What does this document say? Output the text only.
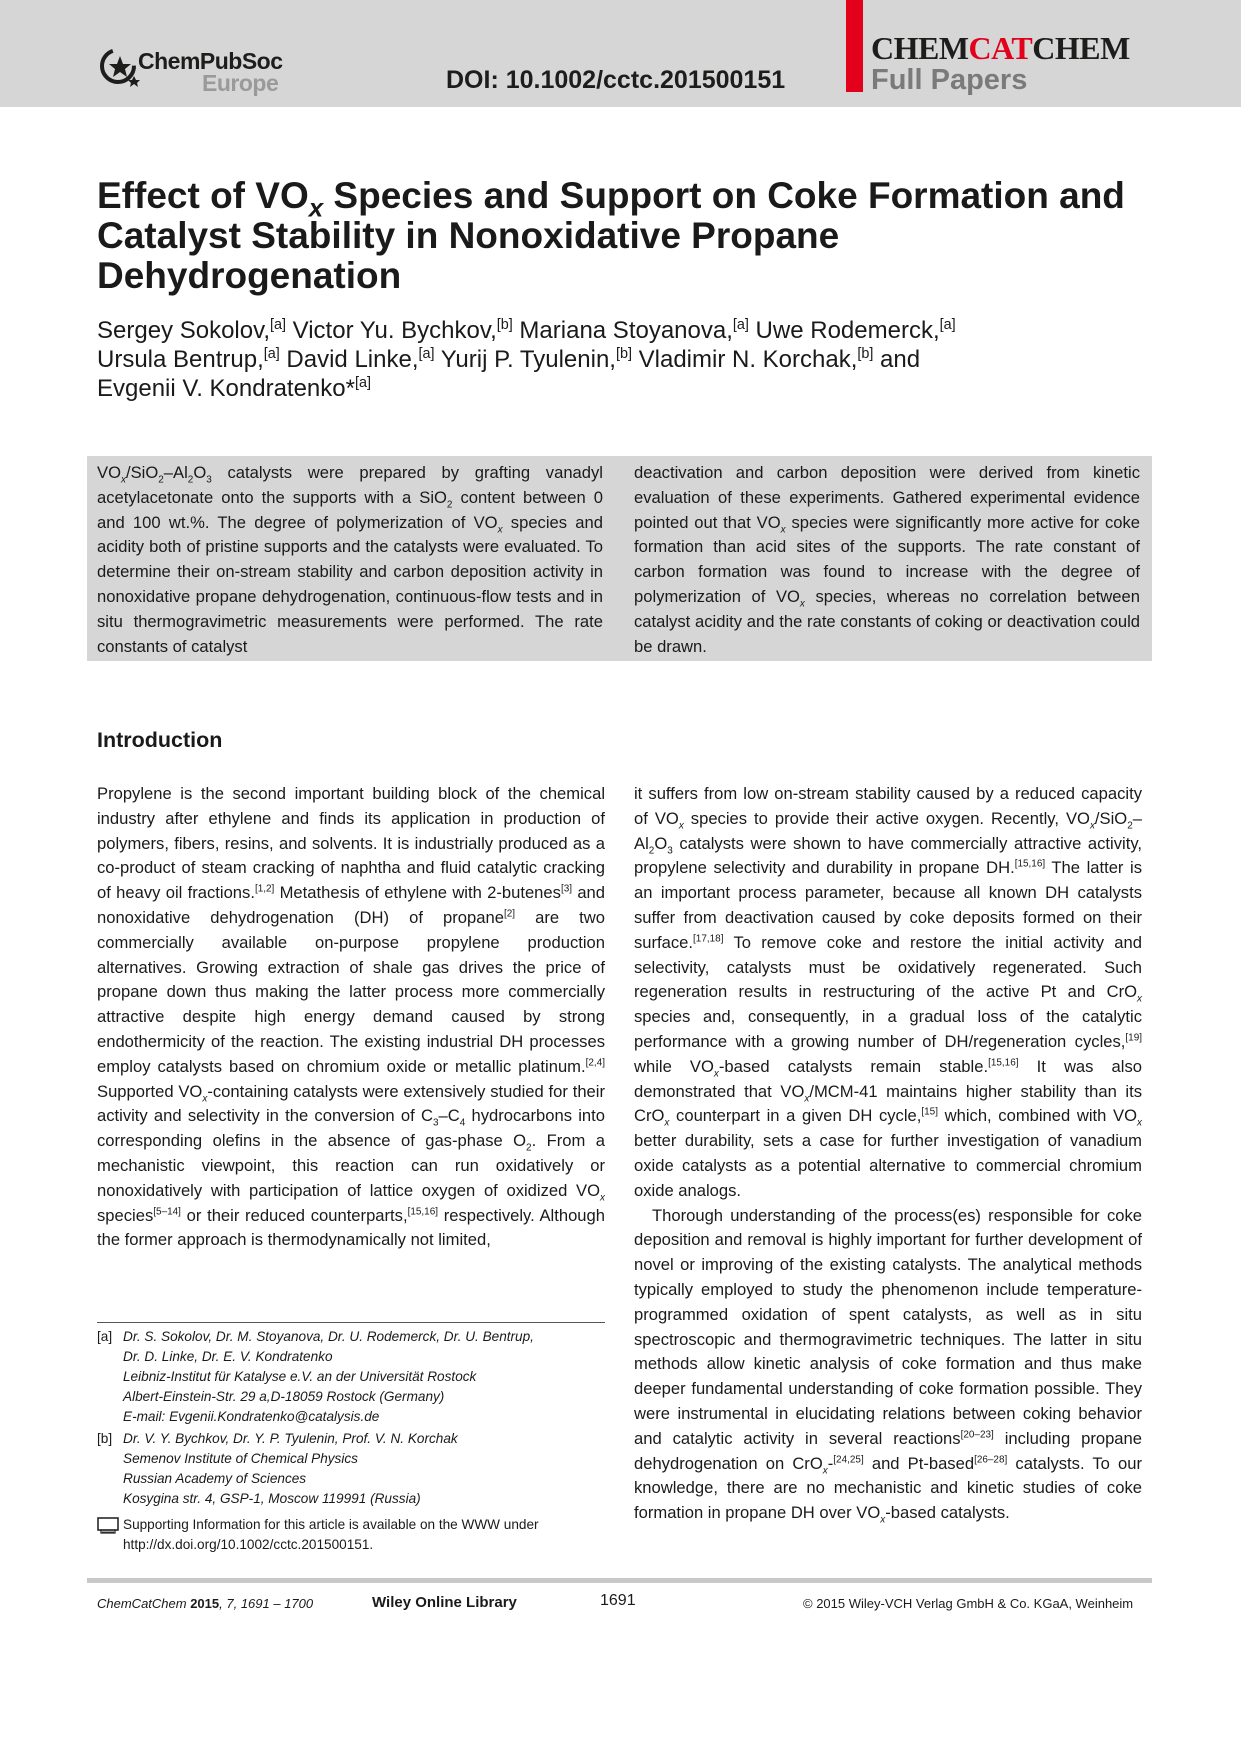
ChemPubSoc
Europe	DOI: 10.1002/cctc.201500151
CHEMCATCHEM
Full Papers
Effect of $VO_x$ Species and Support on Coke Formation and
Catalyst Stability in Nonoxidative Propane
Dehydrogenation

Sergey Sokolov,[a] Victor Yu. Bychkov,[b] Mariana Stoyanova,[a] Uwe Rodemerck,[a]

Ursula Bentrup,[a] David Linke,[a] Yurij P. Tyulenin,[b] Vladimir N. Korchak,[b] and

Evgenii V. Kondratenko*[a]

$VO_x/SiO_2-Al_2O_3$ catalysts were prepared by grafting vanadyl acetylacetonate onto the supports with a SiO$_2$ content between 0 and 100 wt.%. The degree of polymerization of $VO_x$ species and acidity both of pristine supports and the catalysts were evaluated. To determine their on-stream stability and carbon deposition activity in nonoxidative propane dehydrogenation, continuous-flow tests and in situ thermogravimetric measurements were performed. The rate constants of catalyst

deactivation and carbon deposition were derived from kinetic evaluation of these experiments. Gathered experimental evidence pointed out that $VO_x$ species were significantly more active for coke formation than acid sites of the supports. The rate constant of carbon formation was found to increase with the degree of polymerization of $VO_x$ species, whereas no correlation between catalyst acidity and the rate constants of coking or deactivation could be drawn.

Introduction

Propylene is the second important building block of the chemical industry after ethylene and finds its application in production of polymers, fibers, resins, and solvents. It is industrially produced as a co-product of steam cracking of naphtha and fluid catalytic cracking of heavy oil fractions.[1,2] Metathesis of ethylene with 2-butenes[3] and nonoxidative dehydrogenation (DH) of propane[2] are two commercially available on-purpose propylene production alternatives. Growing extraction of shale gas drives the price of propane down thus making the latter process more commercially attractive despite high energy demand caused by strong endothermicity of the reaction. The existing industrial DH processes employ catalysts based on chromium oxide or metallic platinum.[2,4] Supported $VO_x$-containing catalysts were extensively studied for their activity and selectivity in the conversion of $C_3-C_4$ hydrocarbons into corresponding olefins in the absence of gas-phase $O_2$. From a mechanistic viewpoint, this reaction can run oxidatively or nonoxidatively with participation of lattice oxygen of oxidized $VO_x$ species[5–14] or their reduced counterparts,[15,16] respectively. Although the former approach is thermodynamically not limited,

it suffers from low on-stream stability caused by a reduced capacity of $VO_x$ species to provide their active oxygen. Recently, $VO_x/SiO_2-Al_2O_3$ catalysts were shown to have commercially attractive activity, propylene selectivity and durability in propane DH.[15,16] The latter is an important process parameter, because all known DH catalysts suffer from deactivation caused by coke deposits formed on their surface.[17,18] To remove coke and restore the initial activity and selectivity, catalysts must be oxidatively regenerated. Such regeneration results in restructuring of the active Pt and CrO$_x$ species and, consequently, in a gradual loss of the catalytic performance with a growing number of DH/regeneration cycles,[19] while $VO_x$-based catalysts remain stable.[15,16] It was also demonstrated that $VO_x/MCM-41$ maintains higher stability than its CrO$_x$ counterpart in a given DH cycle,[15] which, combined with $VO_x$ better durability, sets a case for further investigation of vanadium oxide catalysts as a potential alternative to commercial chromium oxide analogs.

Thorough understanding of the process(es) responsible for coke deposition and removal is highly important for further development of novel or improving of the existing catalysts. The analytical methods typically employed to study the phenomenon include temperature-programmed oxidation of spent catalysts, as well as in situ spectroscopic and thermogravimetric techniques. The latter in situ methods allow kinetic analysis of coke formation and thus make deeper fundamental understanding of coke formation possible. They were instrumental in elucidating relations between coking behavior and catalytic activity in several reactions[20–23] including propane dehydrogenation on CrO$_x$-[24,25] and Pt-based[26–28] catalysts. To our knowledge, there are no mechanistic and kinetic studies of coke formation in propane DH over $VO_x$-based catalysts.

[a] Dr. S. Sokolov, Dr. M. Stoyanova, Dr. U. Rodemerck, Dr. U. Bentrup,
Dr. D. Linke, Dr. E. V. Kondratenko
Leibniz-Institut für Katalyse e.V. an der Universität Rostock
Albert-Einstein-Str. 29 a,D-18059 Rostock (Germany)
E-mail: Evgenii.Kondratenko@catalysis.de
[b] Dr. V. Y. Bychkov, Dr. Y. P. Tyulenin, Prof. V. N. Korchak
Semenov Institute of Chemical Physics
Russian Academy of Sciences
Kosygina str. 4, GSP-1, Moscow 119991 (Russia)
Supporting Information for this article is available on the WWW under
http://dx.doi.org/10.1002/cctc.201500151.
ChemCatChem 2015, 7, 1691 – 1700	Wiley Online Library	1691	© 2015 Wiley-VCH Verlag GmbH & Co. KGaA, Weinheim
